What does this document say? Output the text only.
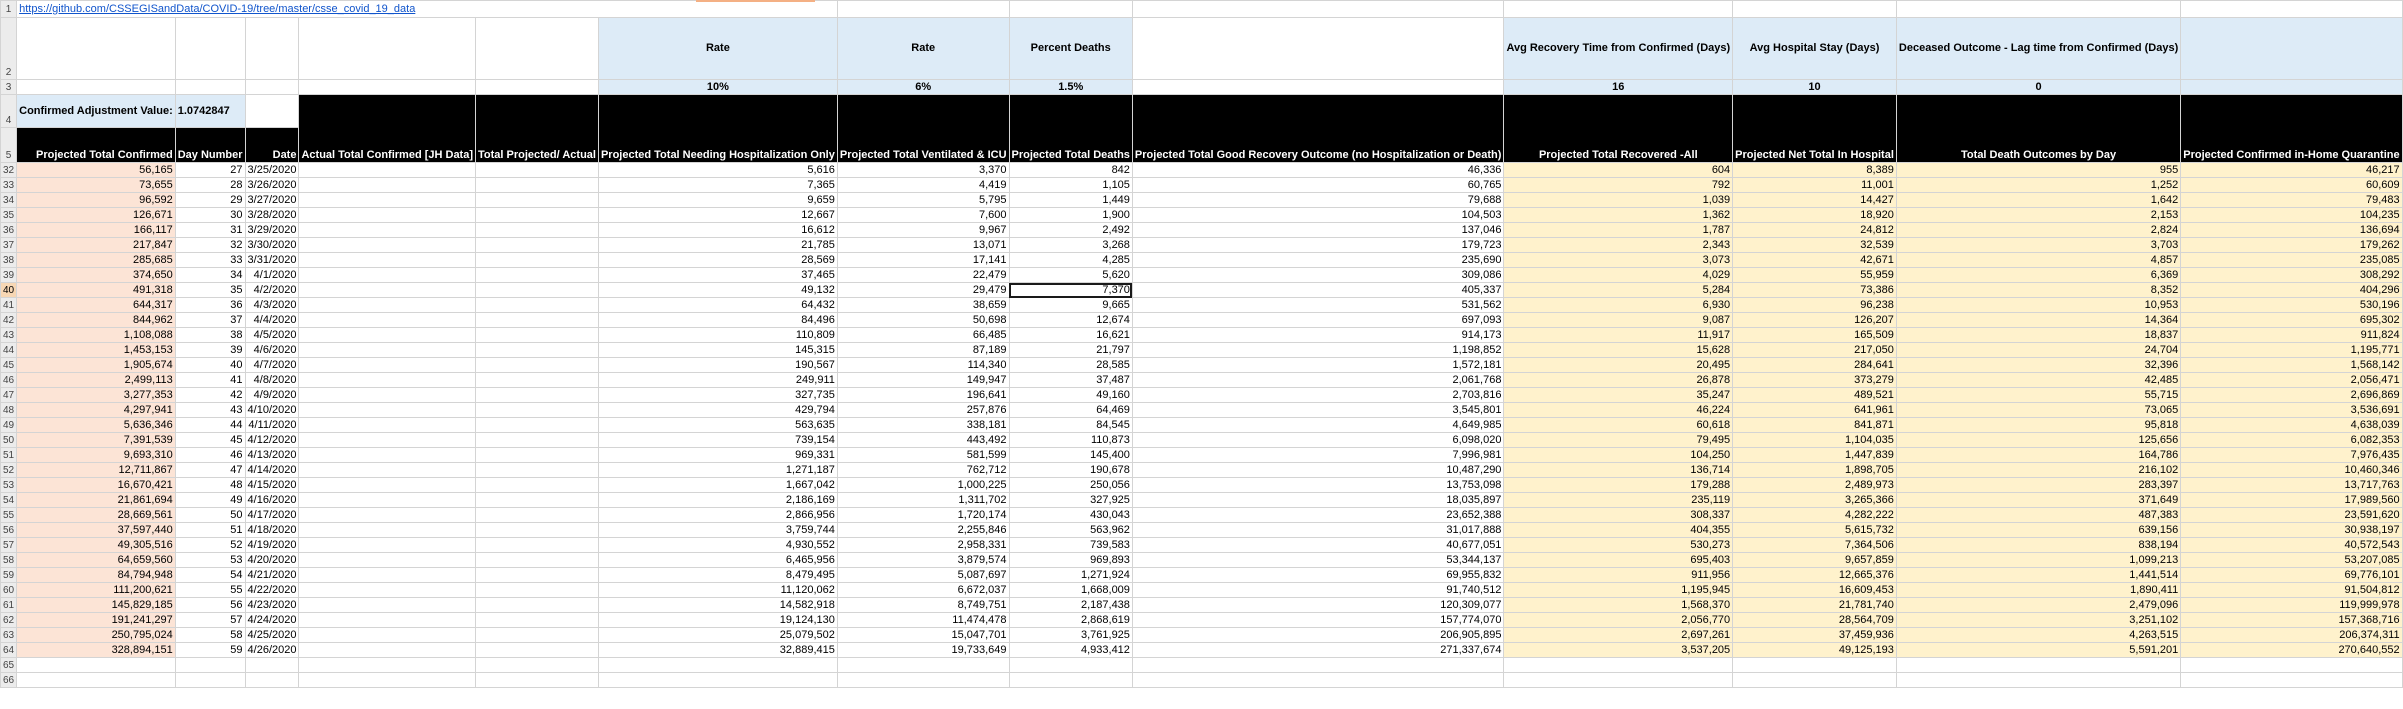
1	https://github.com/CSSEGISandData/COVID-19/tree/master/csse_covid_19_data												
2						Rate	Rate	Percent Deaths		Avg Recovery Time from Confirmed (Days)	Avg Hospital Stay (Days)	Deceased Outcome - Lag time from Confirmed (Days)	
3						10%	6%	1.5%		16	10	0	
4	Confirmed Adjustment Value:	1.0742847		Actual Total Confirmed [JH Data]	Total Projected/ Actual	Projected Total Needing Hospitalization Only	Projected Total Ventilated & ICU	Projected Total Deaths	Projected Total Good Recovery Outcome (no Hospitalization or Death)	Projected Total Recovered -All	Projected Net Total In Hospital	Total Death Outcomes by Day	Projected Confirmed in-Home Quarantine
5	Projected Total Confirmed	Day Number	Date										
32	56,165	27	3/25/2020			5,616	3,370	842	46,336	604	8,389	955	46,217
33	73,655	28	3/26/2020			7,365	4,419	1,105	60,765	792	11,001	1,252	60,609
34	96,592	29	3/27/2020			9,659	5,795	1,449	79,688	1,039	14,427	1,642	79,483
35	126,671	30	3/28/2020			12,667	7,600	1,900	104,503	1,362	18,920	2,153	104,235
36	166,117	31	3/29/2020			16,612	9,967	2,492	137,046	1,787	24,812	2,824	136,694
37	217,847	32	3/30/2020			21,785	13,071	3,268	179,723	2,343	32,539	3,703	179,262
38	285,685	33	3/31/2020			28,569	17,141	4,285	235,690	3,073	42,671	4,857	235,085
39	374,650	34	4/1/2020			37,465	22,479	5,620	309,086	4,029	55,959	6,369	308,292
40	491,318	35	4/2/2020			49,132	29,479	7,370	405,337	5,284	73,386	8,352	404,296
41	644,317	36	4/3/2020			64,432	38,659	9,665	531,562	6,930	96,238	10,953	530,196
42	844,962	37	4/4/2020			84,496	50,698	12,674	697,093	9,087	126,207	14,364	695,302
43	1,108,088	38	4/5/2020			110,809	66,485	16,621	914,173	11,917	165,509	18,837	911,824
44	1,453,153	39	4/6/2020			145,315	87,189	21,797	1,198,852	15,628	217,050	24,704	1,195,771
45	1,905,674	40	4/7/2020			190,567	114,340	28,585	1,572,181	20,495	284,641	32,396	1,568,142
46	2,499,113	41	4/8/2020			249,911	149,947	37,487	2,061,768	26,878	373,279	42,485	2,056,471
47	3,277,353	42	4/9/2020			327,735	196,641	49,160	2,703,816	35,247	489,521	55,715	2,696,869
48	4,297,941	43	4/10/2020			429,794	257,876	64,469	3,545,801	46,224	641,961	73,065	3,536,691
49	5,636,346	44	4/11/2020			563,635	338,181	84,545	4,649,985	60,618	841,871	95,818	4,638,039
50	7,391,539	45	4/12/2020			739,154	443,492	110,873	6,098,020	79,495	1,104,035	125,656	6,082,353
51	9,693,310	46	4/13/2020			969,331	581,599	145,400	7,996,981	104,250	1,447,839	164,786	7,976,435
52	12,711,867	47	4/14/2020			1,271,187	762,712	190,678	10,487,290	136,714	1,898,705	216,102	10,460,346
53	16,670,421	48	4/15/2020			1,667,042	1,000,225	250,056	13,753,098	179,288	2,489,973	283,397	13,717,763
54	21,861,694	49	4/16/2020			2,186,169	1,311,702	327,925	18,035,897	235,119	3,265,366	371,649	17,989,560
55	28,669,561	50	4/17/2020			2,866,956	1,720,174	430,043	23,652,388	308,337	4,282,222	487,383	23,591,620
56	37,597,440	51	4/18/2020			3,759,744	2,255,846	563,962	31,017,888	404,355	5,615,732	639,156	30,938,197
57	49,305,516	52	4/19/2020			4,930,552	2,958,331	739,583	40,677,051	530,273	7,364,506	838,194	40,572,543
58	64,659,560	53	4/20/2020			6,465,956	3,879,574	969,893	53,344,137	695,403	9,657,859	1,099,213	53,207,085
59	84,794,948	54	4/21/2020			8,479,495	5,087,697	1,271,924	69,955,832	911,956	12,665,376	1,441,514	69,776,101
60	111,200,621	55	4/22/2020			11,120,062	6,672,037	1,668,009	91,740,512	1,195,945	16,609,453	1,890,411	91,504,812
61	145,829,185	56	4/23/2020			14,582,918	8,749,751	2,187,438	120,309,077	1,568,370	21,781,740	2,479,096	119,999,978
62	191,241,297	57	4/24/2020			19,124,130	11,474,478	2,868,619	157,774,070	2,056,770	28,564,709	3,251,102	157,368,716
63	250,795,024	58	4/25/2020			25,079,502	15,047,701	3,761,925	206,905,895	2,697,261	37,459,936	4,263,515	206,374,311
64	328,894,151	59	4/26/2020			32,889,415	19,733,649	4,933,412	271,337,674	3,537,205	49,125,193	5,591,201	270,640,552
65													
66													
